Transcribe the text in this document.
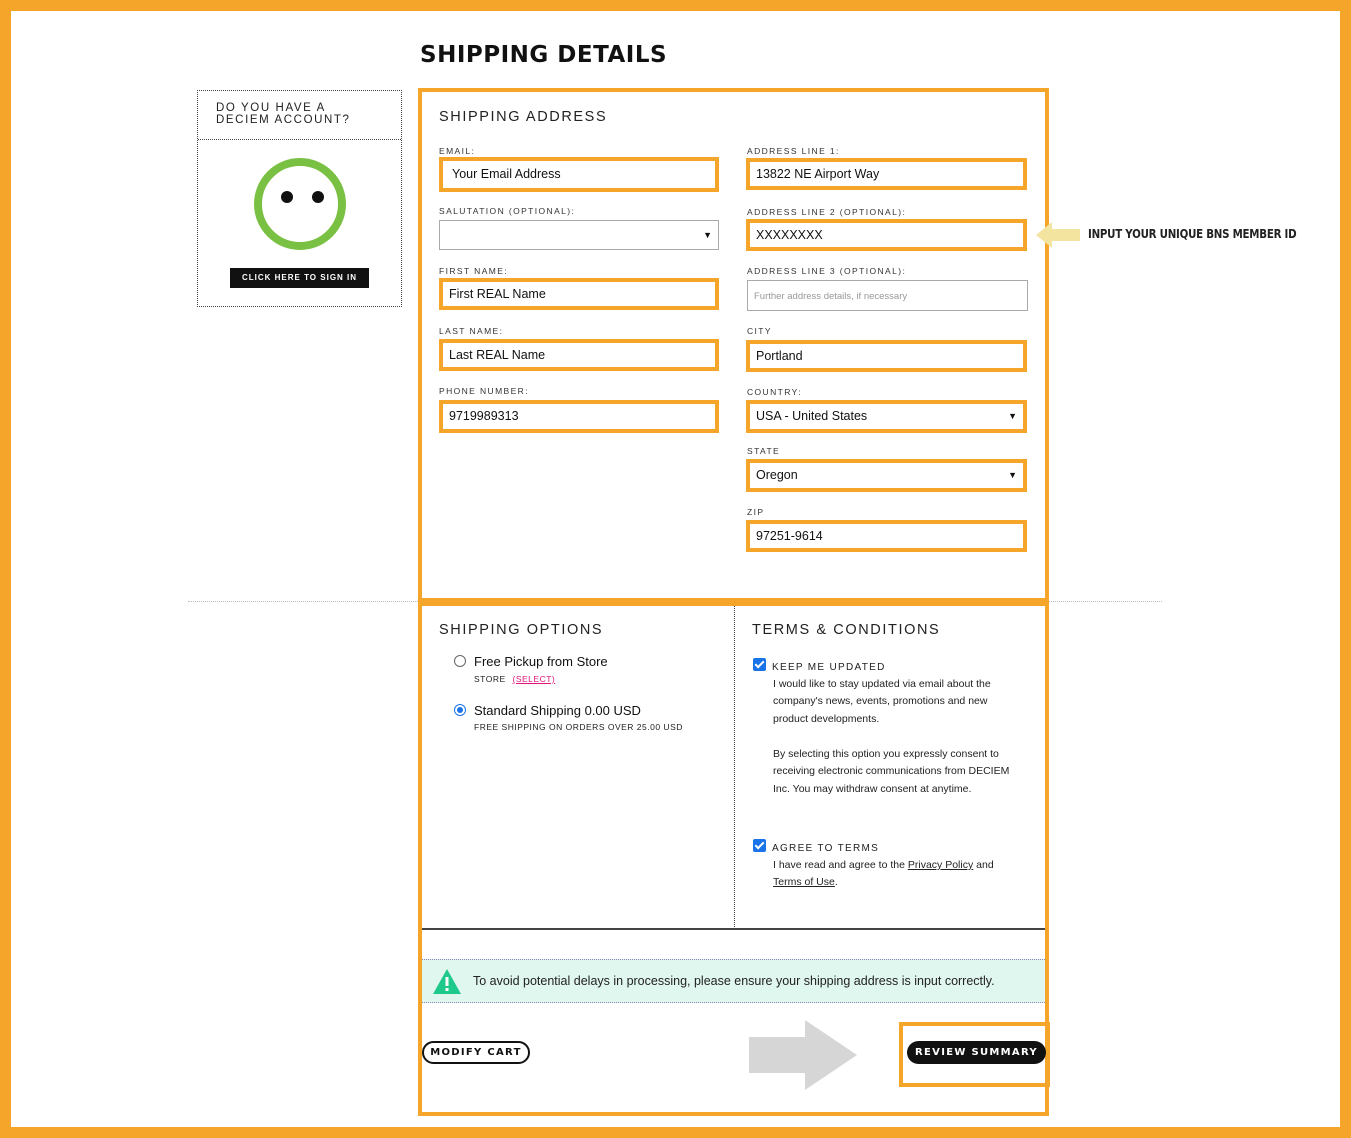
SHIPPING DETAILS
DO YOU HAVE A DECIEM ACCOUNT?
CLICK HERE TO SIGN IN
SHIPPING ADDRESS
EMAIL:
Your Email Address
SALUTATION (OPTIONAL):
▼
FIRST NAME:
First REAL Name
LAST NAME:
Last REAL Name
PHONE NUMBER:
9719989313
ADDRESS LINE 1:
13822 NE Airport Way
ADDRESS LINE 2 (OPTIONAL):
XXXXXXXX	INPUT YOUR UNIQUE BNS MEMBER ID
ADDRESS LINE 3 (OPTIONAL):
Further address details, if necessary
CITY
Portland
COUNTRY:
USA - United States	▼
STATE
Oregon	▼
ZIP
97251-9614
SHIPPING OPTIONS
Free Pickup from Store
STORE (SELECT)
Standard Shipping 0.00 USD
FREE SHIPPING ON ORDERS OVER 25.00 USD
TERMS & CONDITIONS
KEEP ME UPDATED
I would like to stay updated via email about the company's news, events, promotions and new product developments.
By selecting this option you expressly consent to receiving electronic communications from DECIEM Inc. You may withdraw consent at anytime.
AGREE TO TERMS
I have read and agree to the Privacy Policy and
Terms of Use.
To avoid potential delays in processing, please ensure your shipping address is input correctly.
MODIFY CART	REVIEW SUMMARY
